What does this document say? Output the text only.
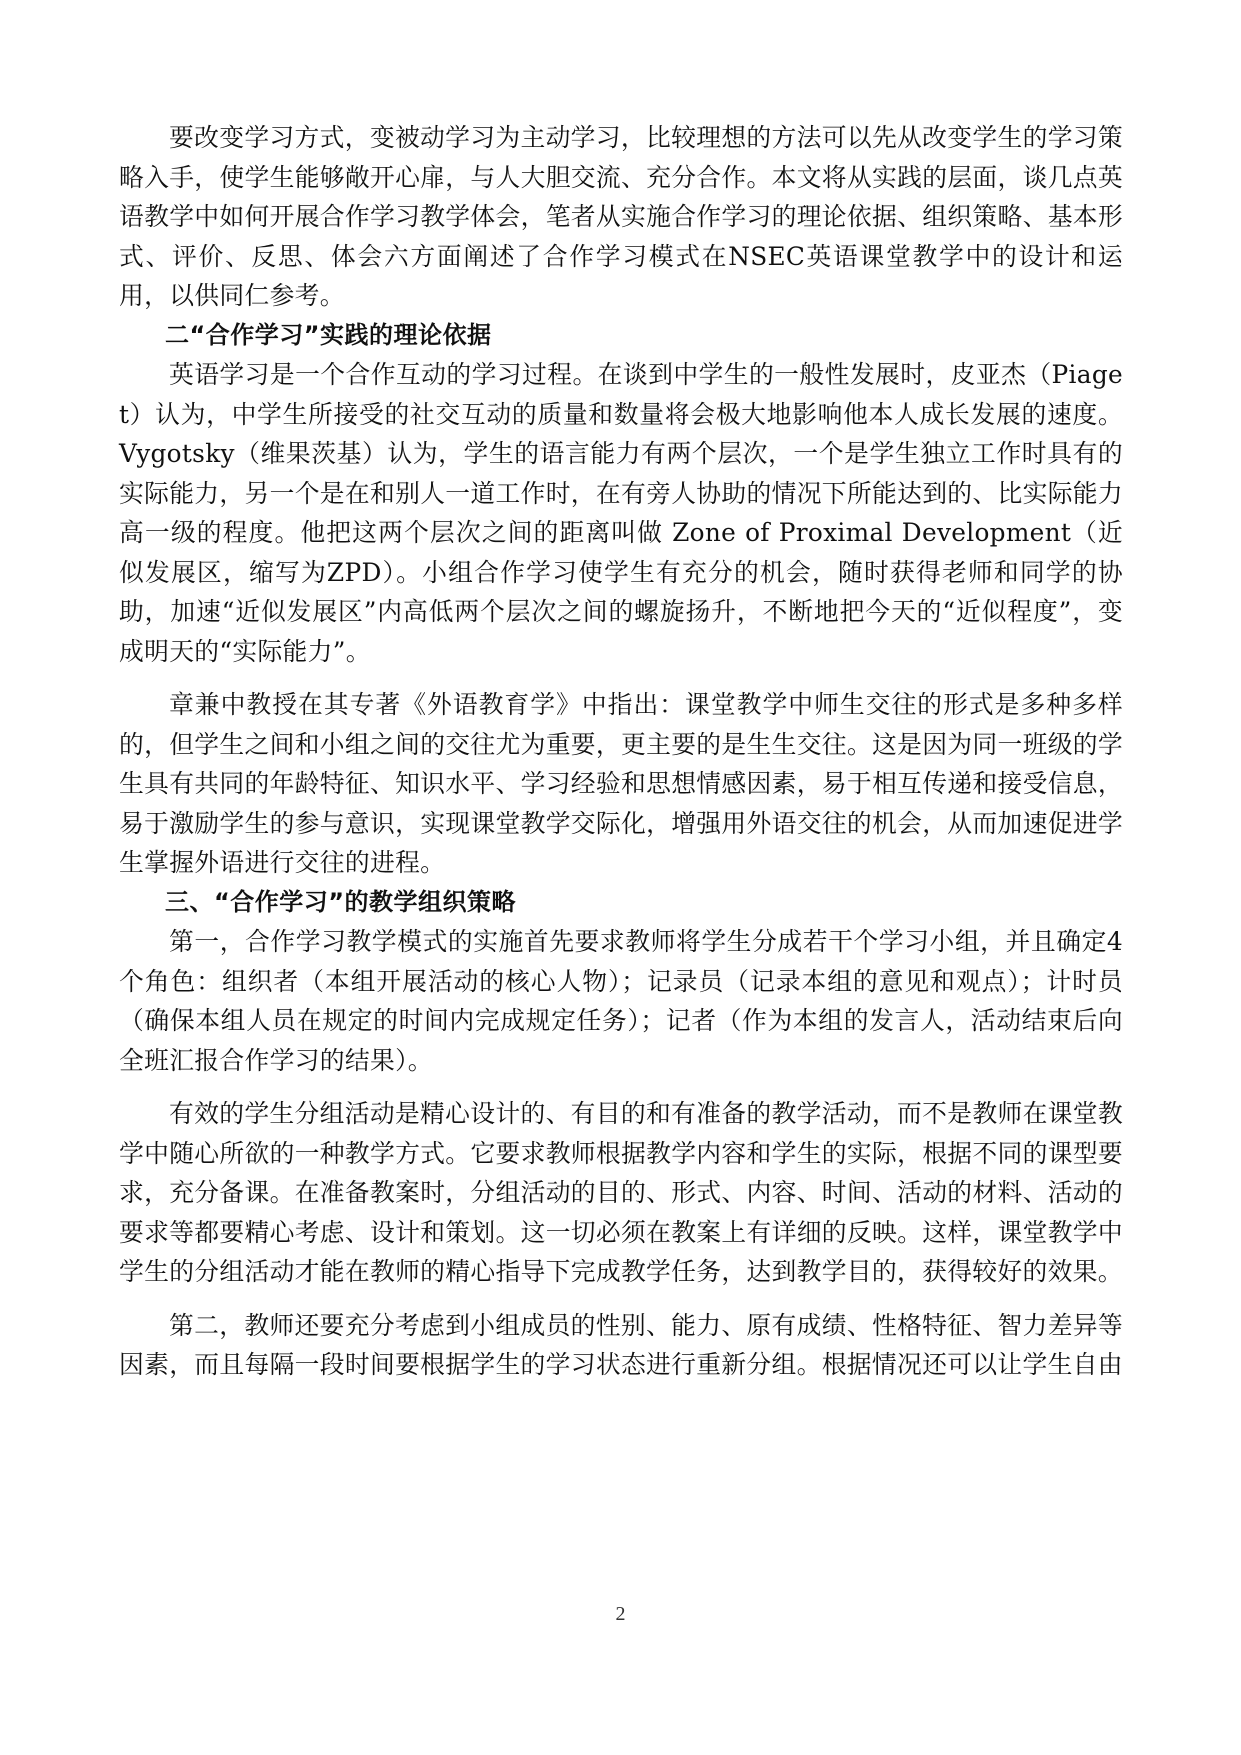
要改变学习方式，变被动学习为主动学习，比较理想的方法可以先从改变学生的学习策略入手，使学生能够敞开心扉，与人大胆交流、充分合作。本文将从实践的层面，谈几点英语教学中如何开展合作学习教学体会，笔者从实施合作学习的理论依据、组织策略、基本形式、评价、反思、体会六方面阐述了合作学习模式在NSEC英语课堂教学中的设计和运用，以供同仁参考。

二“合作学习”实践的理论依据

英语学习是一个合作互动的学习过程。在谈到中学生的一般性发展时，皮亚杰（Piaget）认为，中学生所接受的社交互动的质量和数量将会极大地影响他本人成长发展的速度。Vygotsky（维果茨基）认为，学生的语言能力有两个层次，一个是学生独立工作时具有的实际能力，另一个是在和别人一道工作时，在有旁人协助的情况下所能达到的、比实际能力高一级的程度。他把这两个层次之间的距离叫做 Zone of Proximal Development（近似发展区，缩写为ZPD）。小组合作学习使学生有充分的机会，随时获得老师和同学的协助，加速“近似发展区”内高低两个层次之间的螺旋扬升，不断地把今天的“近似程度”，变成明天的“实际能力”。

章兼中教授在其专著《外语教育学》中指出：课堂教学中师生交往的形式是多种多样的，但学生之间和小组之间的交往尤为重要，更主要的是生生交往。这是因为同一班级的学生具有共同的年龄特征、知识水平、学习经验和思想情感因素，易于相互传递和接受信息，易于激励学生的参与意识，实现课堂教学交际化，增强用外语交往的机会，从而加速促进学生掌握外语进行交往的进程。

三、“合作学习”的教学组织策略

第一，合作学习教学模式的实施首先要求教师将学生分成若干个学习小组，并且确定4个角色：组织者（本组开展活动的核心人物）；记录员（记录本组的意见和观点）；计时员（确保本组人员在规定的时间内完成规定任务）；记者（作为本组的发言人，活动结束后向全班汇报合作学习的结果）。

有效的学生分组活动是精心设计的、有目的和有准备的教学活动，而不是教师在课堂教学中随心所欲的一种教学方式。它要求教师根据教学内容和学生的实际，根据不同的课型要求，充分备课。在准备教案时，分组活动的目的、形式、内容、时间、活动的材料、活动的要求等都要精心考虑、设计和策划。这一切必须在教案上有详细的反映。这样，课堂教学中学生的分组活动才能在教师的精心指导下完成教学任务，达到教学目的，获得较好的效果。

第二，教师还要充分考虑到小组成员的性别、能力、原有成绩、性格特征、智力差异等因素，而且每隔一段时间要根据学生的学习状态进行重新分组。根据情况还可以让学生自由

2
